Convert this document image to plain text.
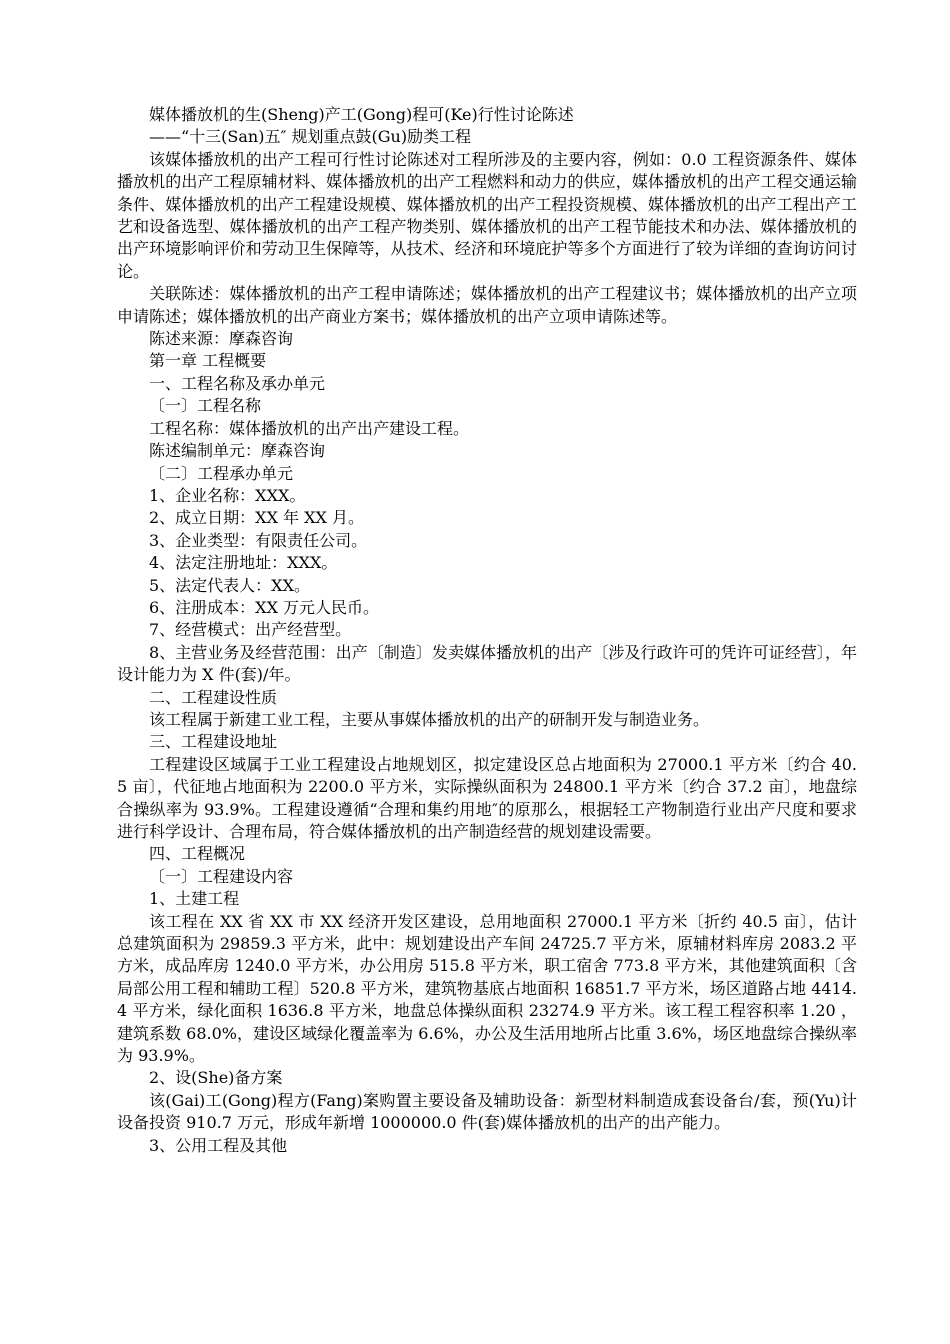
媒体播放机的生(Sheng)产工(Gong)程可(Ke)行性讨论陈述

——“十三(San)五″ 规划重点鼓(Gu)励类工程

该媒体播放机的出产工程可行性讨论陈述对工程所涉及的主要内容，例如：0.0 工程资源条件、媒体播放机的出产工程原辅材料、媒体播放机的出产工程燃料和动力的供应，媒体播放机的出产工程交通运输条件、媒体播放机的出产工程建设规模、媒体播放机的出产工程投资规模、媒体播放机的出产工程出产工艺和设备选型、媒体播放机的出产工程产物类别、媒体播放机的出产工程节能技术和办法、媒体播放机的出产环境影响评价和劳动卫生保障等，从技术、经济和环境庇护等多个方面进行了较为详细的查询访问讨论。

关联陈述：媒体播放机的出产工程申请陈述；媒体播放机的出产工程建议书；媒体播放机的出产立项申请陈述；媒体播放机的出产商业方案书；媒体播放机的出产立项申请陈述等。

陈述来源：摩森咨询

第一章 工程概要

一、工程名称及承办单元

〔一〕工程名称

工程名称：媒体播放机的出产出产建设工程。

陈述编制单元：摩森咨询

〔二〕工程承办单元

1、企业名称：XXX。

2、成立日期：XX 年 XX 月。

3、企业类型：有限责任公司。

4、法定注册地址：XXX。

5、法定代表人：XX。

6、注册成本：XX 万元人民币。

7、经营模式：出产经营型。

8、主营业务及经营范围：出产〔制造〕发卖媒体播放机的出产〔涉及行政许可的凭许可证经营〕，年设计能力为 X 件(套)/年。

二、工程建设性质

该工程属于新建工业工程，主要从事媒体播放机的出产的研制开发与制造业务。

三、工程建设地址

工程建设区域属于工业工程建设占地规划区，拟定建设区总占地面积为 27000.1 平方米〔约合 40.5 亩〕，代征地占地面积为 2200.0 平方米，实际操纵面积为 24800.1 平方米〔约合 37.2 亩〕，地盘综合操纵率为 93.9%。工程建设遵循“合理和集约用地″的原那么，根据轻工产物制造行业出产尺度和要求进行科学设计、合理布局，符合媒体播放机的出产制造经营的规划建设需要。

四、工程概况

〔一〕工程建设内容

1、土建工程

该工程在 XX 省 XX 市 XX 经济开发区建设，总用地面积 27000.1 平方米〔折约 40.5 亩〕，估计总建筑面积为 29859.3 平方米，此中：规划建设出产车间 24725.7 平方米，原辅材料库房 2083.2 平方米，成品库房 1240.0 平方米，办公用房 515.8 平方米，职工宿舍 773.8 平方米，其他建筑面积〔含局部公用工程和辅助工程〕520.8 平方米，建筑物基底占地面积 16851.7 平方米，场区道路占地 4414.4 平方米，绿化面积 1636.8 平方米，地盘总体操纵面积 23274.9 平方米。该工程工程容积率 1.20 ，建筑系数 68.0%，建设区域绿化覆盖率为 6.6%，办公及生活用地所占比重 3.6%，场区地盘综合操纵率为 93.9%。

2、设(She)备方案

该(Gai)工(Gong)程方(Fang)案购置主要设备及辅助设备：新型材料制造成套设备台/套，预(Yu)计设备投资 910.7 万元，形成年新增 1000000.0 件(套)媒体播放机的出产的出产能力。

3、公用工程及其他
